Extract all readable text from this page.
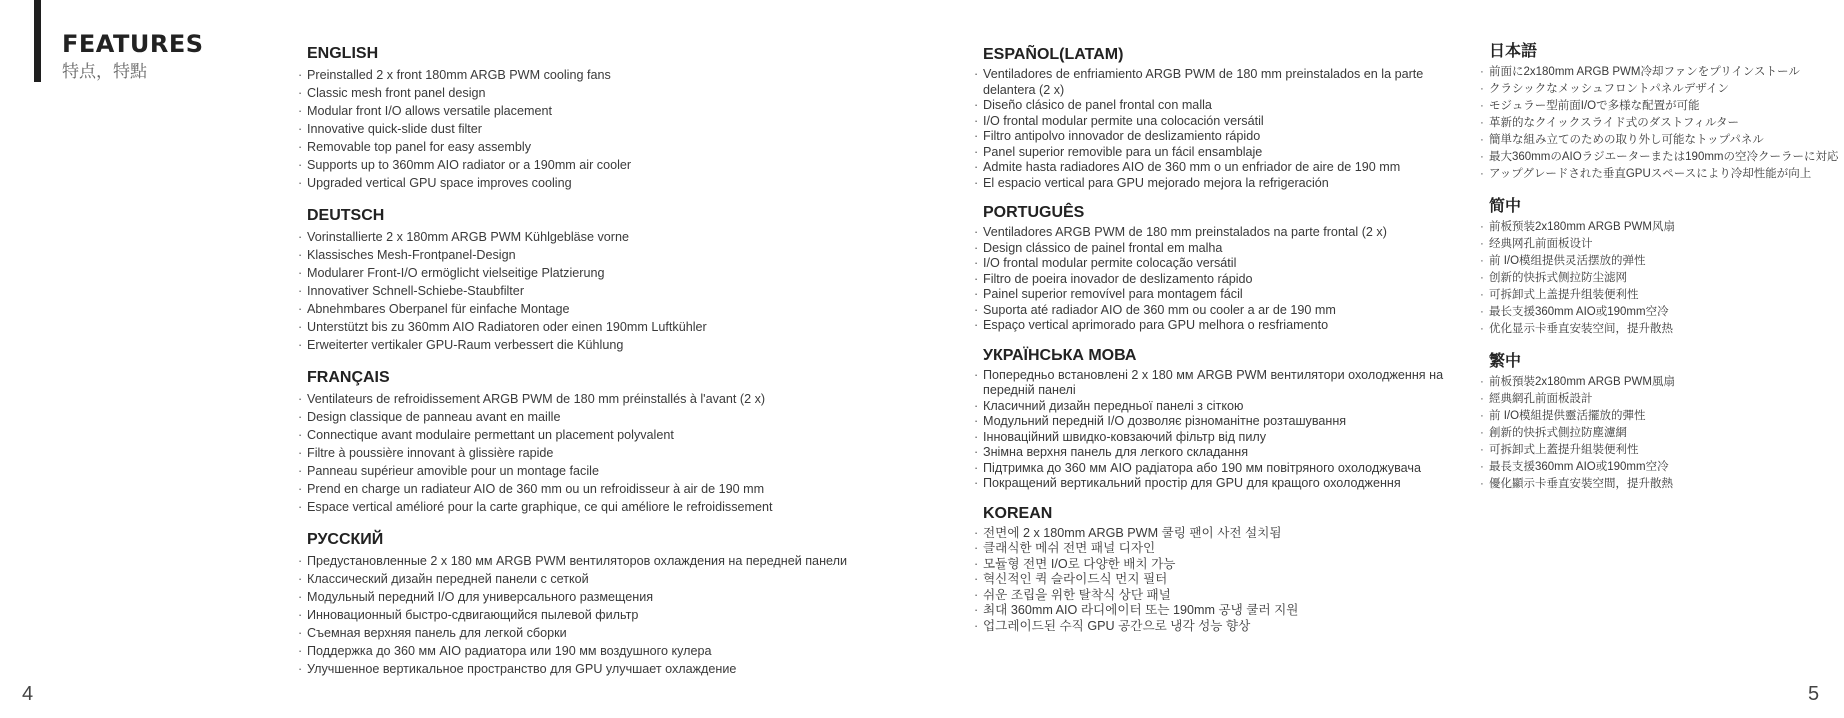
FEATURES
特点，特點
ENGLISH
· Preinstalled 2 x front 180mm ARGB PWM cooling fans
· Classic mesh front panel design
· Modular front I/O allows versatile placement
· Innovative quick-slide dust filter
· Removable top panel for easy assembly
· Supports up to 360mm AIO radiator or a 190mm air cooler
· Upgraded vertical GPU space improves cooling
DEUTSCH
· Vorinstallierte 2 x 180mm ARGB PWM Kühlgebläse vorne
· Klassisches Mesh-Frontpanel-Design
· Modularer Front-I/O ermöglicht vielseitige Platzierung
· Innovativer Schnell-Schiebe-Staubfilter
· Abnehmbares Oberpanel für einfache Montage
· Unterstützt bis zu 360mm AIO Radiatoren oder einen 190mm Luftkühler
· Erweiterter vertikaler GPU-Raum verbessert die Kühlung
FRANÇAIS
· Ventilateurs de refroidissement ARGB PWM de 180 mm préinstallés à l'avant (2 x)
· Design classique de panneau avant en maille
· Connectique avant modulaire permettant un placement polyvalent
· Filtre à poussière innovant à glissière rapide
· Panneau supérieur amovible pour un montage facile
· Prend en charge un radiateur AIO de 360 mm ou un refroidisseur à air de 190 mm
· Espace vertical amélioré pour la carte graphique, ce qui améliore le refroidissement
РУССКИЙ
· Предустановленные 2 x 180 мм ARGB PWM вентиляторов охлаждения на передней панели
· Классический дизайн передней панели с сеткой
· Модульный передний I/O для универсального размещения
· Инновационный быстро-сдвигающийся пылевой фильтр
· Съемная верхняя панель для легкой сборки
· Поддержка до 360 мм AIO радиатора или 190 мм воздушного кулера
· Улучшенное вертикальное пространство для GPU улучшает охлаждение
ESPAÑOL(LATAM)
· Ventiladores de enfriamiento ARGB PWM de 180 mm preinstalados en la parte delantera (2 x)
· Diseño clásico de panel frontal con malla
· I/O frontal modular permite una colocación versátil
· Filtro antipolvo innovador de deslizamiento rápido
· Panel superior removible para un fácil ensamblaje
· Admite hasta radiadores AIO de 360 mm o un enfriador de aire de 190 mm
· El espacio vertical para GPU mejorado mejora la refrigeración
PORTUGUÊS
· Ventiladores ARGB PWM de 180 mm preinstalados na parte frontal (2 x)
· Design clássico de painel frontal em malha
· I/O frontal modular permite colocação versátil
· Filtro de poeira inovador de deslizamento rápido
· Painel superior removível para montagem fácil
· Suporta até radiador AIO de 360 mm ou cooler a ar de 190 mm
· Espaço vertical aprimorado para GPU melhora o resfriamento
УКРАЇНСЬКА МОВА
· Попередньо встановлені 2 x 180 мм ARGB PWM вентилятори охолодження на передній панелі
· Класичний дизайн передньої панелі з сіткою
· Модульний передній I/O дозволяє різноманітне розташування
· Інноваційний швидко-ковзаючий фільтр від пилу
· Знімна верхня панель для легкого складання
· Підтримка до 360 мм AIO радіатора або 190 мм повітряного охолоджувача
· Покращений вертикальний простір для GPU для кращого охолодження
KOREAN
· 전면에 2 x 180mm ARGB PWM 쿨링 팬이 사전 설치됨
· 클래식한 메쉬 전면 패널 디자인
· 모듈형 전면 I/O로 다양한 배치 가능
· 혁신적인 퀵 슬라이드식 먼지 필터
· 쉬운 조립을 위한 탈착식 상단 패널
· 최대 360mm AIO 라디에이터 또는 190mm 공냉 쿨러 지원
· 업그레이드된 수직 GPU 공간으로 냉각 성능 향상
日本語
· 前面に2x180mm ARGB PWM冷却ファンをプリインストール
· クラシックなメッシュフロントパネルデザイン
· モジュラー型前面I/Oで多様な配置が可能
· 革新的なクイックスライド式のダストフィルター
· 簡単な組み立てのための取り外し可能なトップパネル
· 最大360mmのAIOラジエーターまたは190mmの空冷クーラーに対応
· アップグレードされた垂直GPUスペースにより冷却性能が向上
简中
· 前板预装2x180mm ARGB PWM风扇
· 经典网孔前面板设计
· 前 I/O模组提供灵活摆放的弹性
· 创新的快拆式侧拉防尘滤网
· 可拆卸式上盖提升组装便利性
· 最长支援360mm AIO或190mm空冷
· 优化显示卡垂直安装空间，提升散热
繁中
· 前板預裝2x180mm ARGB PWM風扇
· 經典網孔前面板設計
· 前 I/O模組提供靈活擺放的彈性
· 創新的快拆式側拉防塵濾網
· 可拆卸式上蓋提升組裝便利性
· 最長支援360mm AIO或190mm空冷
· 優化顯示卡垂直安裝空間，提升散熱
4	5
